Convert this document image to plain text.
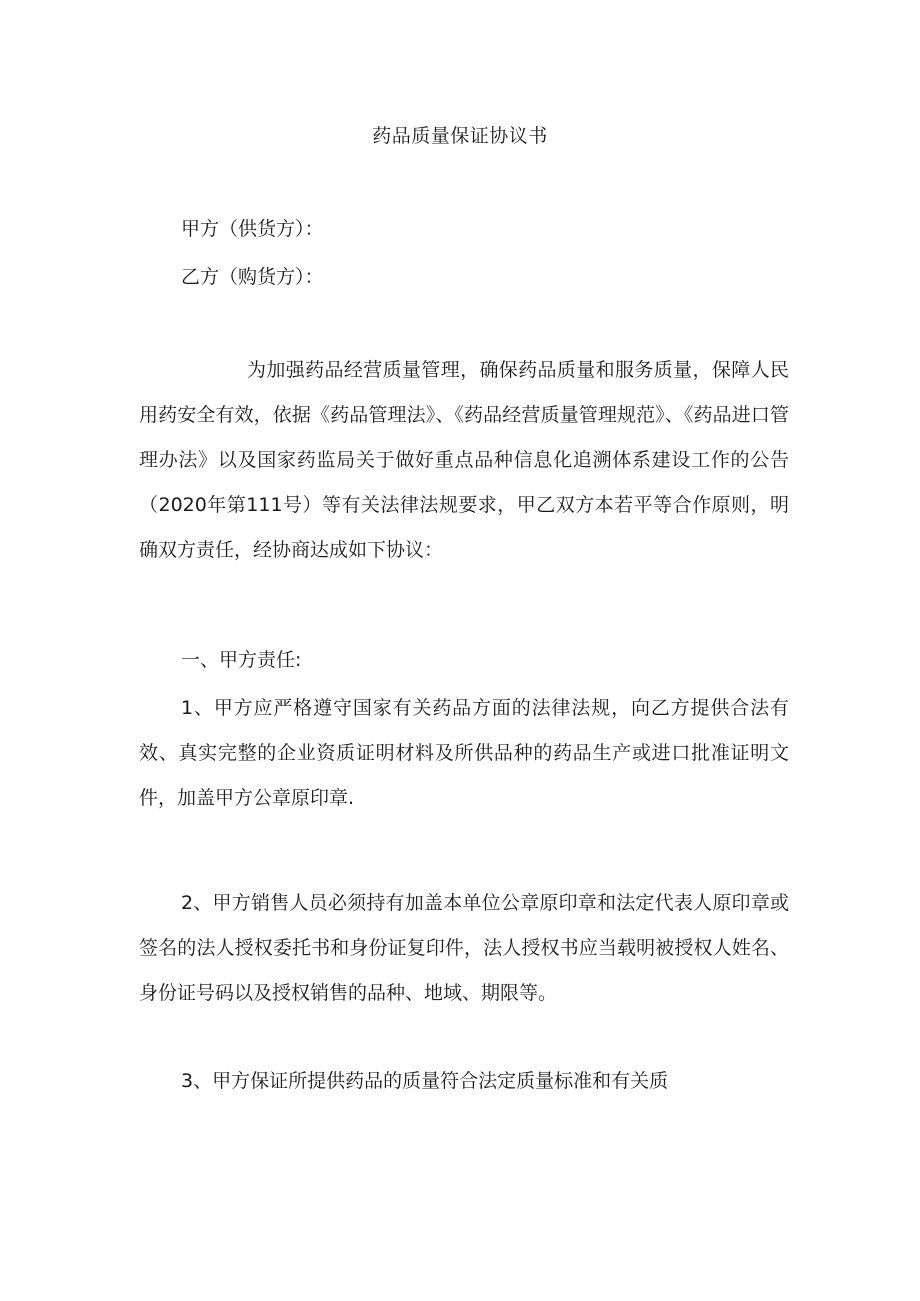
药品质量保证协议书
甲方（供货方）：
乙方（购货方）：

为加强药品经营质量管理，确保药品质量和服务质量，保障人民用药安全有效，依据《药品管理法》、《药品经营质量管理规范》、《药品进口管理办法》以及国家药监局关于做好重点品种信息化追溯体系建设工作的公告（2020年第111号）等有关法律法规要求，甲乙双方本若平等合作原则，明确双方责任，经协商达成如下协议：

一、甲方责任:

1、甲方应严格遵守国家有关药品方面的法律法规，向乙方提供合法有效、真实完整的企业资质证明材料及所供品种的药品生产或进口批准证明文件，加盖甲方公章原印章.

2、甲方销售人员必须持有加盖本单位公章原印章和法定代表人原印章或签名的法人授权委托书和身份证复印件，法人授权书应当载明被授权人姓名、身份证号码以及授权销售的品种、地域、期限等。

3、甲方保证所提供药品的质量符合法定质量标准和有关质
